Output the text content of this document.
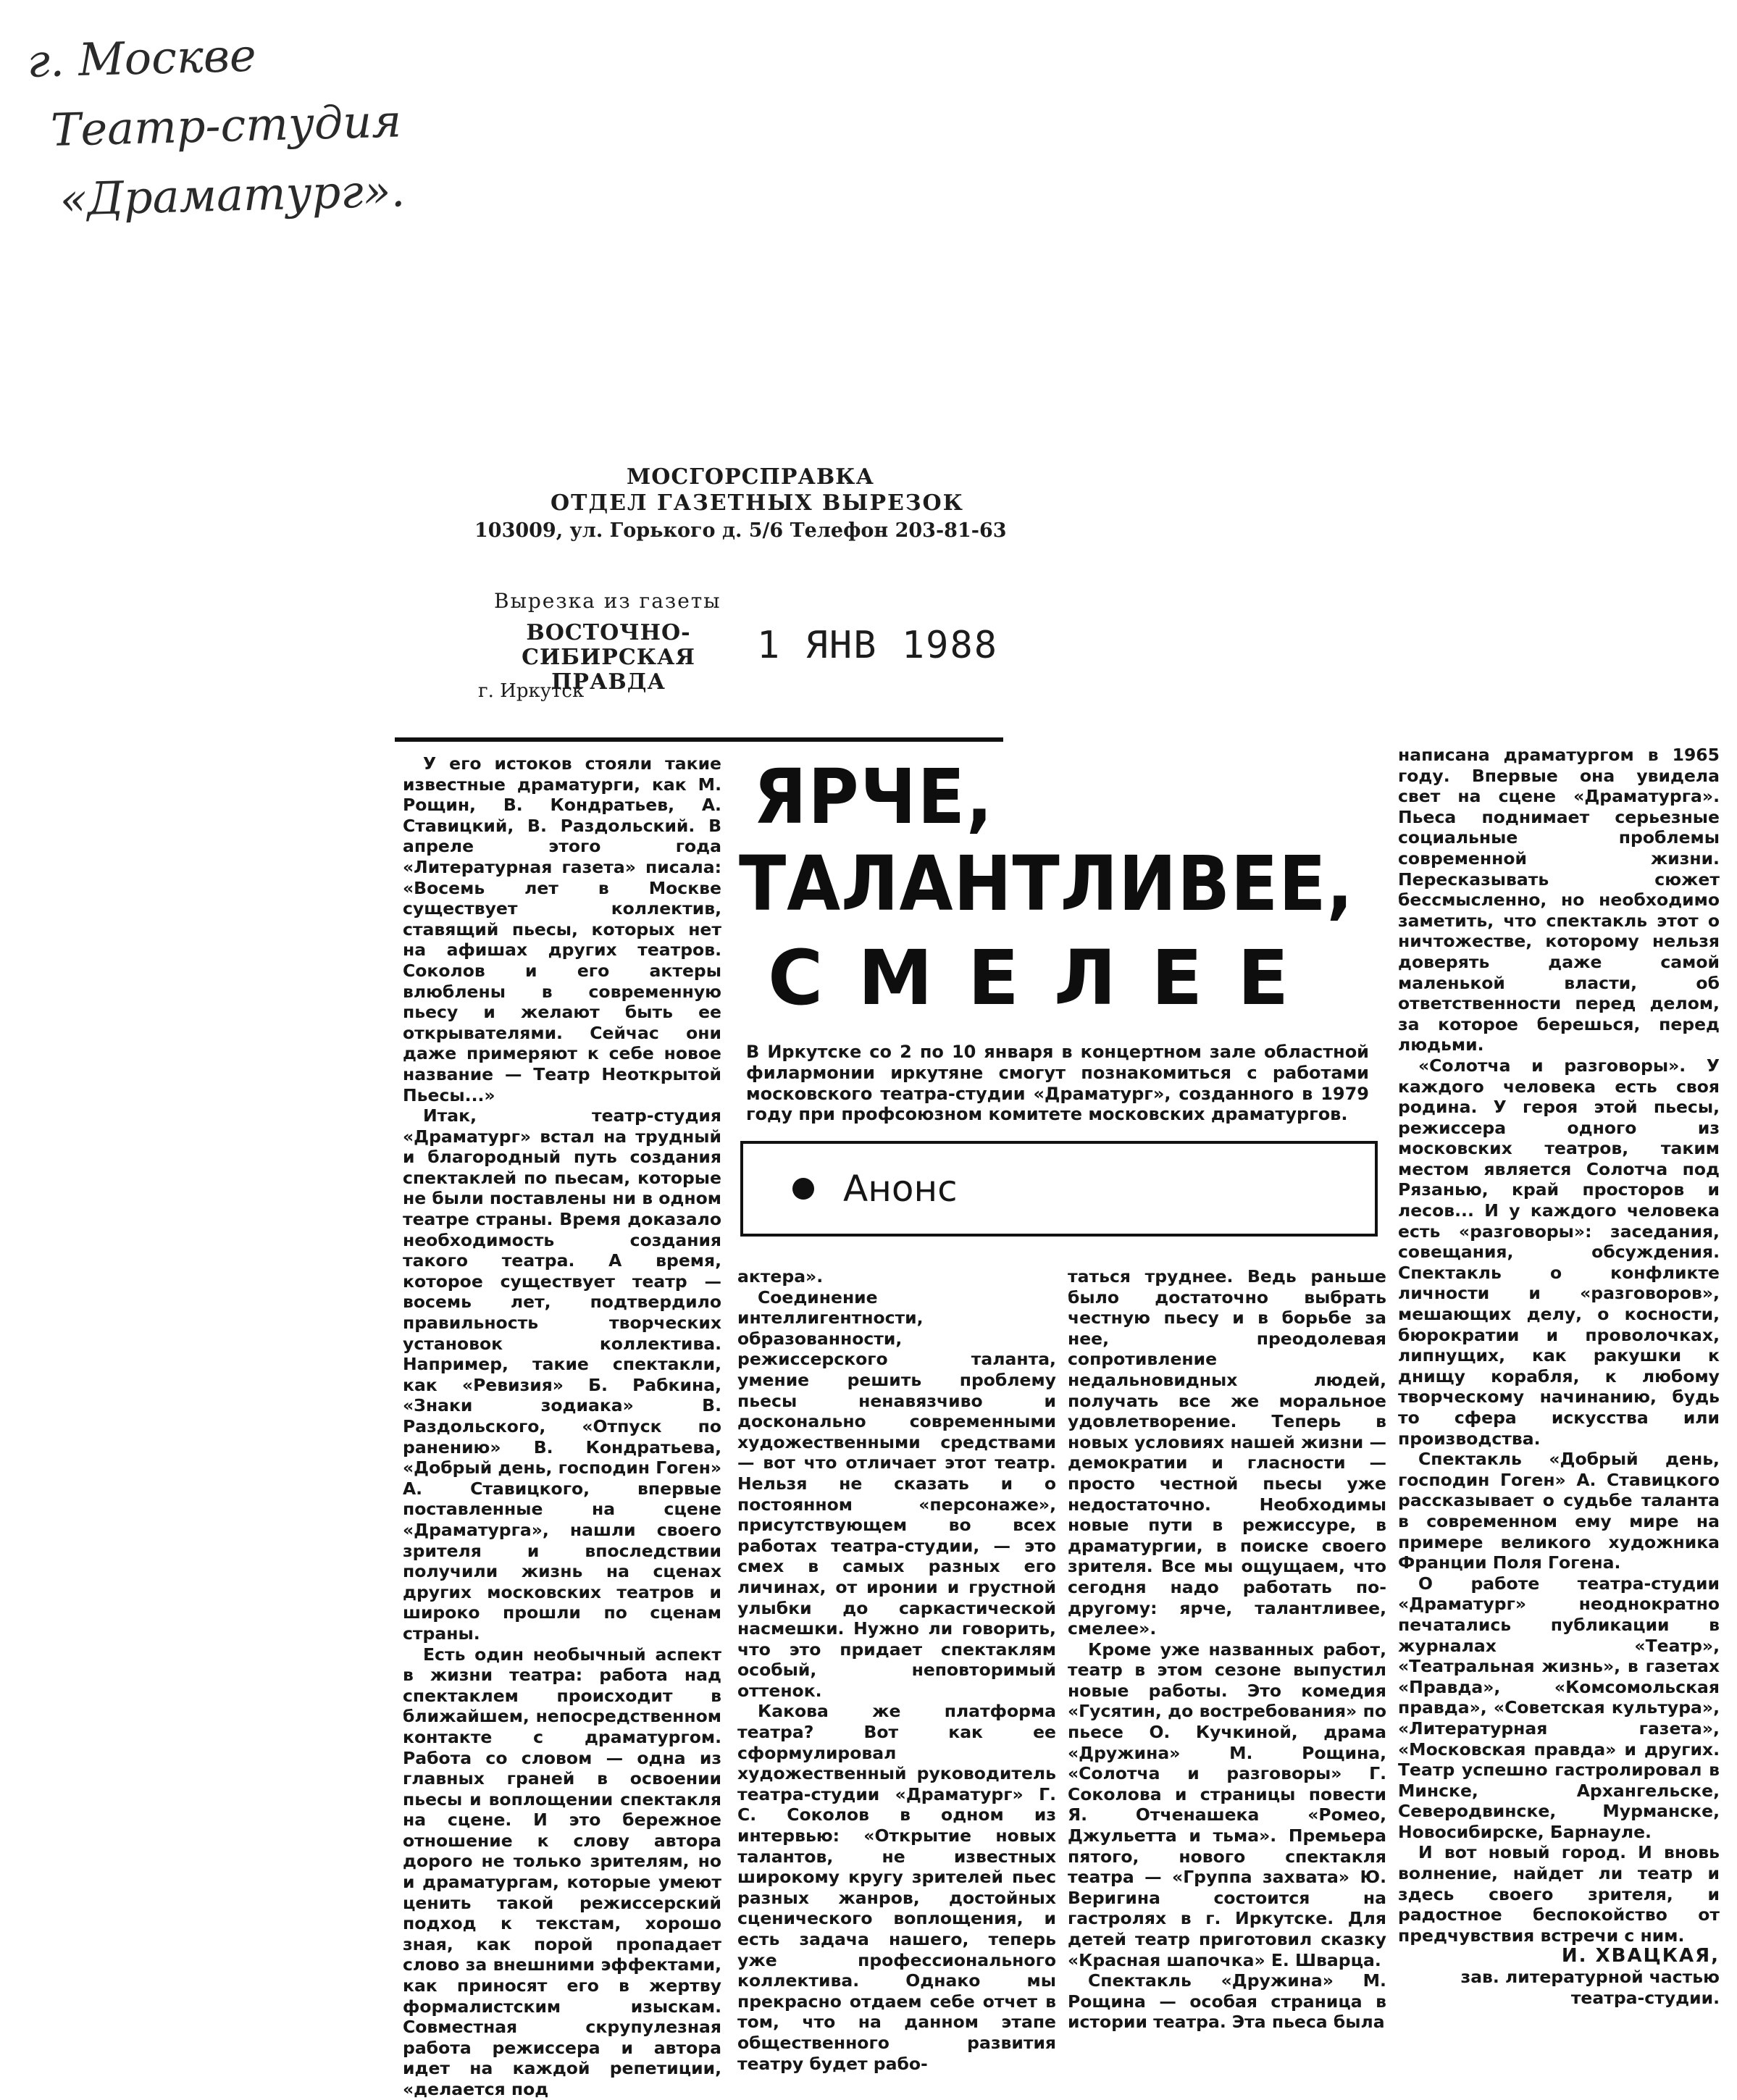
г. Москве
Театр-студия
«Драматург».
МОСГОРСПРАВКА
ОТДЕЛ ГАЗЕТНЫХ ВЫРЕЗОК
103009, ул. Горького д. 5/6 Телефон 203-81-63
Вырезка из газеты
ВОСТОЧНО-
СИБИРСКАЯ ПРАВДА
1 ЯНВ 1988
г. Иркутск
ЯРЧЕ,
ТАЛАНТЛИВЕЕ,
СМЕЛЕЕ
В Иркутске со 2 по 10 января в концертном зале областной филармонии иркутяне смогут познакомиться с работами московского театра-студии «Драматург», созданного в 1979 году при профсоюзном комитете московских драматургов.
Анонс

У его истоков стояли такие известные драматурги, как М. Рощин, В. Кондратьев, А. Ставицкий, В. Раздольский. В апреле этого года «Литературная газета» писала: «Восемь лет в Москве существует коллектив, ставящий пьесы, которых нет на афишах других театров. Соколов и его актеры влюблены в современную пьесу и желают быть ее открывателями. Сейчас они даже примеряют к себе новое название — Театр Неоткрытой Пьесы...»

Итак, театр-студия «Драматург» встал на трудный и благородный путь создания спектаклей по пьесам, которые не были поставлены ни в одном театре страны. Время доказало необходимость создания такого театра. А время, которое существует театр — восемь лет, подтвердило правильность творческих установок коллектива. Например, такие спектакли, как «Ревизия» Б. Рабкина, «Знаки зодиака» В. Раздольского, «Отпуск по ранению» В. Кондратьева, «Добрый день, господин Гоген» А. Ставицкого, впервые поставленные на сцене «Драматурга», нашли своего зрителя и впоследствии получили жизнь на сценах других московских театров и широко прошли по сценам страны.

Есть один необычный аспект в жизни театра: работа над спектаклем происходит в ближайшем, непосредственном контакте с драматургом. Работа со словом — одна из главных граней в освоении пьесы и воплощении спектакля на сцене. И это бережное отношение к слову автора дорого не только зрителям, но и драматургам, которые умеют ценить такой режиссерский подход к текстам, хорошо зная, как порой пропадает слово за внешними эффектами, как приносят его в жертву формалистским изыскам. Совместная скрупулезная работа режиссера и автора идет на каждой репетиции, «делается под

актера».

Соединение интеллигентности, образованности, режиссерского таланта, умение решить проблему пьесы ненавязчиво и досконально современными художественными средствами — вот что отличает этот театр. Нельзя не сказать и о постоянном «персонаже», присутствующем во всех работах театра-студии, — это смех в самых разных его личинах, от иронии и грустной улыбки до саркастической насмешки. Нужно ли говорить, что это придает спектаклям особый, неповторимый оттенок.

Какова же платформа театра? Вот как ее сформулировал художественный руководитель театра-студии «Драматург» Г. С. Соколов в одном из интервью: «Открытие новых талантов, не известных широкому кругу зрителей пьес разных жанров, достойных сценического воплощения, и есть задача нашего, теперь уже профессионального коллектива. Однако мы прекрасно отдаем себе отчет в том, что на данном этапе общественного развития театру будет рабо-

таться труднее. Ведь раньше было достаточно выбрать честную пьесу и в борьбе за нее, преодолевая сопротивление недальновидных людей, получать все же моральное удовлетворение. Теперь в новых условиях нашей жизни — демократии и гласности — просто честной пьесы уже недостаточно. Необходимы новые пути в режиссуре, в драматургии, в поиске своего зрителя. Все мы ощущаем, что сегодня надо работать по-другому: ярче, талантливее, смелее».

Кроме уже названных работ, театр в этом сезоне выпустил новые работы. Это комедия «Гусятин, до востребования» по пьесе О. Кучкиной, драма «Дружина» М. Рощина, «Солотча и разговоры» Г. Соколова и страницы повести Я. Отченашека «Ромео, Джульетта и тьма». Премьера пятого, нового спектакля театра — «Группа захвата» Ю. Веригина состоится на гастролях в г. Иркутске. Для детей театр приготовил сказку «Красная шапочка» Е. Шварца.

Спектакль «Дружина» М. Рощина — особая страница в истории театра. Эта пьеса была

написана драматургом в 1965 году. Впервые она увидела свет на сцене «Драматурга». Пьеса поднимает серьезные социальные проблемы современной жизни. Пересказывать сюжет бессмысленно, но необходимо заметить, что спектакль этот о ничтожестве, которому нельзя доверять даже самой маленькой власти, об ответственности перед делом, за которое берешься, перед людьми.

«Солотча и разговоры». У каждого человека есть своя родина. У героя этой пьесы, режиссера одного из московских театров, таким местом является Солотча под Рязанью, край просторов и лесов... И у каждого человека есть «разговоры»: заседания, совещания, обсуждения. Спектакль о конфликте личности и «разговоров», мешающих делу, о косности, бюрократии и проволочках, липнущих, как ракушки к днищу корабля, к любому творческому начинанию, будь то сфера искусства или производства.

Спектакль «Добрый день, господин Гоген» А. Ставицкого рассказывает о судьбе таланта в современном ему мире на примере великого художника Франции Поля Гогена.

О работе театра-студии «Драматург» неоднократно печатались публикации в журналах «Театр», «Театральная жизнь», в газетах «Правда», «Комсомольская правда», «Советская культура», «Литературная газета», «Московская правда» и других. Театр успешно гастролировал в Минске, Архангельске, Северодвинске, Мурманске, Новосибирске, Барнауле.

И вот новый город. И вновь волнение, найдет ли театр и здесь своего зрителя, и радостное беспокойство от предчувствия встречи с ним.

И. ХВАЦКАЯ,
зав. литературной частью
театра-студии.
